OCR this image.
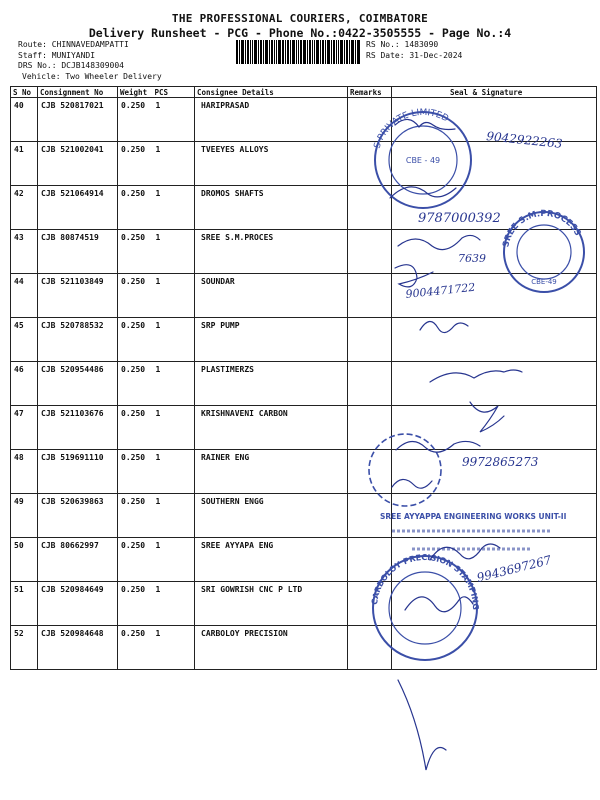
THE PROFESSIONAL COURIERS, COIMBATORE
Delivery Runsheet - PCG - Phone No.:0422-3505555 - Page No.:4
Route: CHINNAVEDAMPATTI
Staff: MUNIYANDI
DRS No.: DCJB148309004
Vehicle: Two Wheeler Delivery
RS No.: 1483090
RS Date: 31-Dec-2024
S No	Consignment No	Weight	PCS	Consignee Details	Remarks	Seal & Signature
40	CJB 520817021	0.250	1	HARIPRASAD		
41	CJB 521002041	0.250	1	TVEEYES ALLOYS		
42	CJB 521064914	0.250	1	DROMOS SHAFTS		
43	CJB 80874519	0.250	1	SREE S.M.PROCES		
44	CJB 521103849	0.250	1	SOUNDAR		
45	CJB 520788532	0.250	1	SRP PUMP		
46	CJB 520954486	0.250	1	PLASTIMERZS		
47	CJB 521103676	0.250	1	KRISHNAVENI CARBON		
48	CJB 519691110	0.250	1	RAINER ENG		
49	CJB 520639863	0.250	1	SOUTHERN ENGG		
50	CJB 80662997	0.250	1	SREE AYYAPA ENG		
51	CJB 520984649	0.250	1	SRI GOWRISH CNC P LTD		
52	CJB 520984648	0.250	1	CARBOLOY PRECISION		
S PRIVATE LIMITED
CBE - 49
SREE S.M.PROCESS
CBE-49
SREE AYYAPPA ENGINEERING WORKS UNIT-II
CARBOLOY PRECISION STAMPING
9042922263
9787000392
7639
9004471722
9972865273
9943697267
